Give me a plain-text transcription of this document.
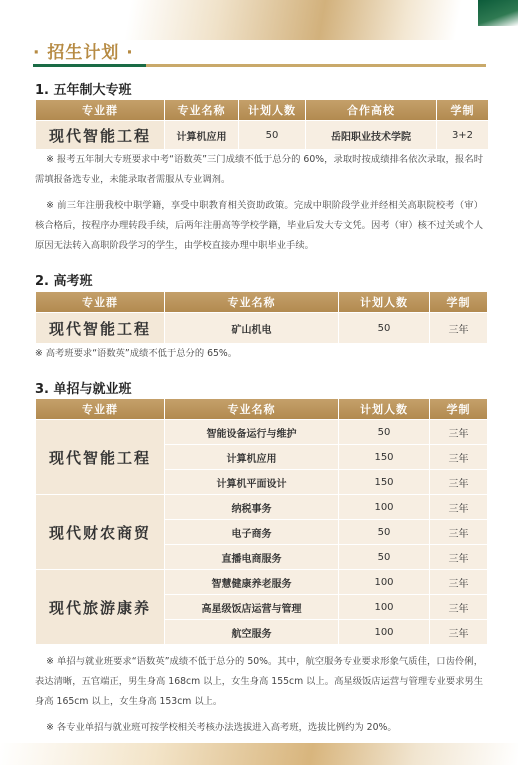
· 招生计划 ·
1. 五年制大专班
专业群	专业名称	计划人数	合作高校	学制
现代智能工程	计算机应用	50	岳阳职业技术学院	3+2

※ 报考五年制大专班要求中考“语数英”三门成绩不低于总分的 60%，录取时按成绩排名依次录取，报名时需填报备选专业，未能录取者需服从专业调剂。

※ 前三年注册我校中职学籍，享受中职教育相关资助政策。完成中职阶段学业并经相关高职院校考（审）核合格后，按程序办理转段手续，后两年注册高等学校学籍，毕业后发大专文凭。因考（审）核不过关或个人原因无法转入高职阶段学习的学生，由学校直接办理中职毕业手续。

2. 高考班
专业群	专业名称	计划人数	学制
现代智能工程	矿山机电	50	三年

※ 高考班要求“语数英”成绩不低于总分的 65%。

3. 单招与就业班
专业群	专业名称	计划人数	学制
现代智能工程	智能设备运行与维护	50	三年
	计算机应用	150	三年
	计算机平面设计	150	三年
现代财农商贸	纳税事务	100	三年
	电子商务	50	三年
	直播电商服务	50	三年
现代旅游康养	智慧健康养老服务	100	三年
	高星级饭店运营与管理	100	三年
	航空服务	100	三年

※ 单招与就业班要求“语数英”成绩不低于总分的 50%。其中，航空服务专业要求形象气质佳，口齿伶俐，表达清晰，五官端正，男生身高 168cm 以上，女生身高 155cm 以上。高星级饭店运营与管理专业要求男生身高 165cm 以上，女生身高 153cm 以上。

※ 各专业单招与就业班可按学校相关考核办法选拔进入高考班，选拔比例约为 20%。
